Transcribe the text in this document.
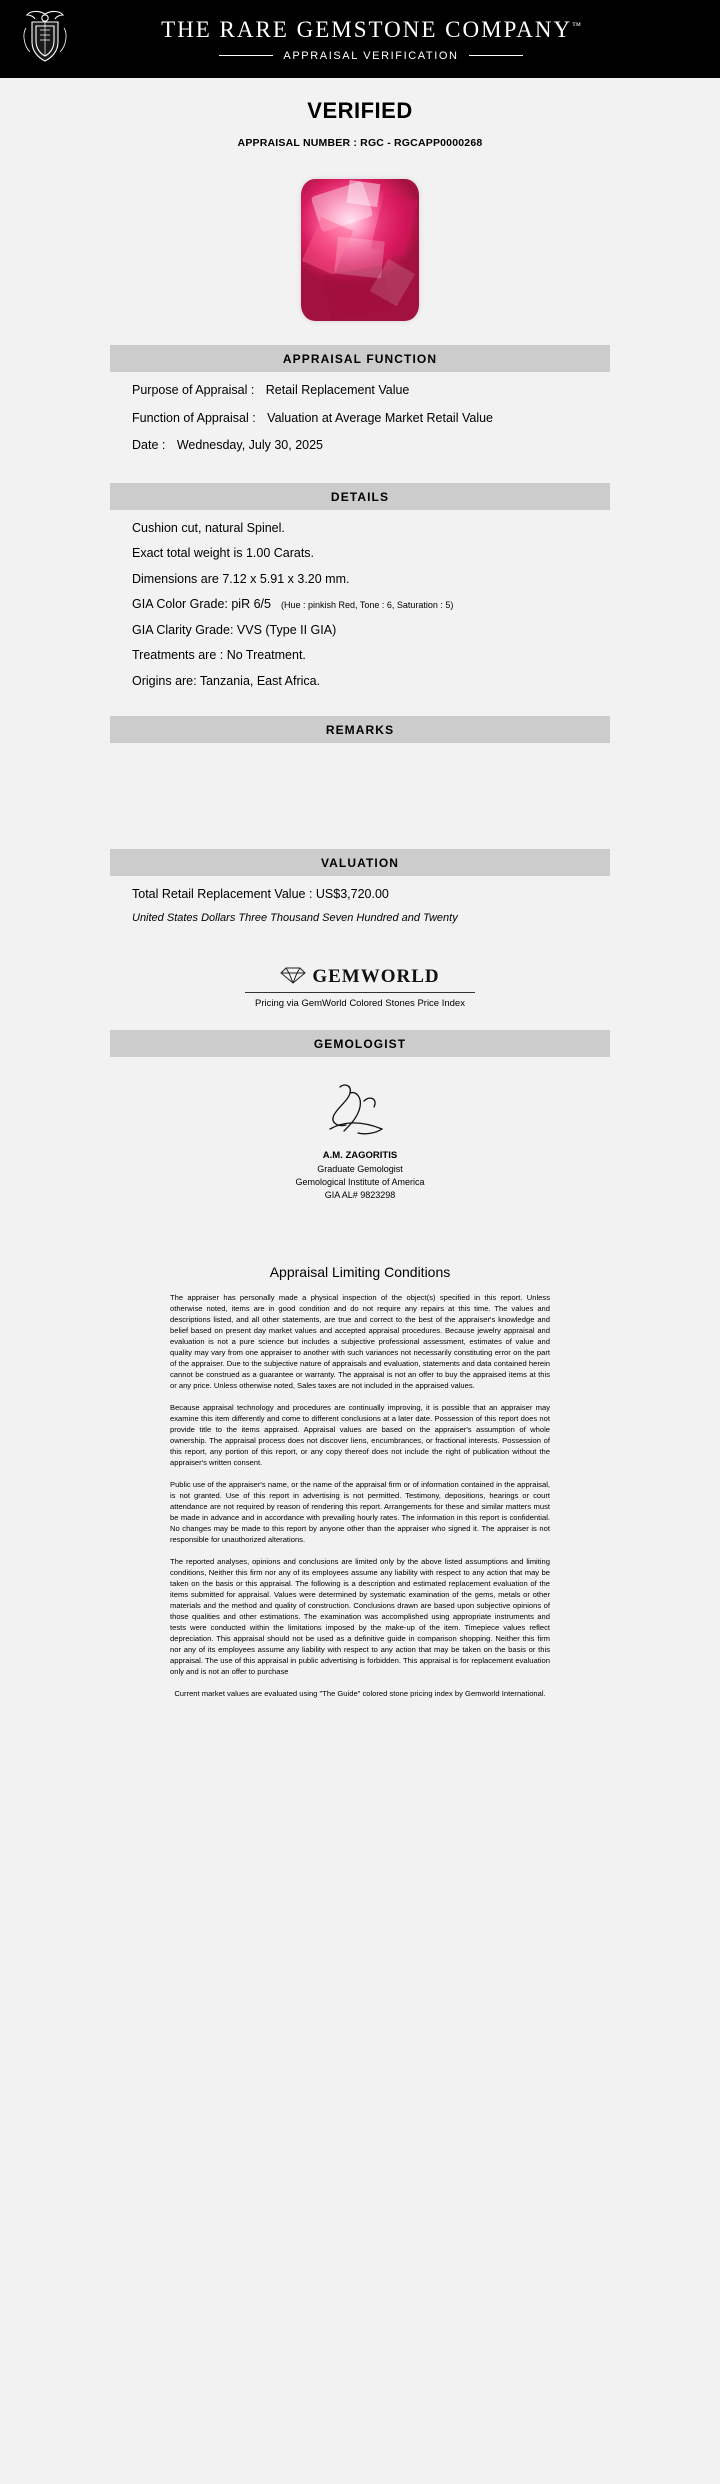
THE RARE GEMSTONE COMPANY™
APPRAISAL VERIFICATION
VERIFIED
APPRAISAL NUMBER : RGC - RGCAPP0000268
APPRAISAL FUNCTION
Purpose of Appraisal : Retail Replacement Value
Function of Appraisal : Valuation at Average Market Retail Value
Date : Wednesday, July 30, 2025
DETAILS
Cushion cut, natural Spinel.
Exact total weight is 1.00 Carats.
Dimensions are 7.12 x 5.91 x 3.20 mm.
GIA Color Grade: piR 6/5 (Hue : pinkish Red, Tone : 6, Saturation : 5)
GIA Clarity Grade: VVS (Type II GIA)
Treatments are : No Treatment.
Origins are: Tanzania, East Africa.
REMARKS
VALUATION
Total Retail Replacement Value : US$3,720.00
United States Dollars Three Thousand Seven Hundred and Twenty
GEMWORLD
Pricing via GemWorld Colored Stones Price Index
GEMOLOGIST
A.M. ZAGORITIS
Graduate Gemologist
Gemological Institute of America
GIA AL# 9823298
Appraisal Limiting Conditions

The appraiser has personally made a physical inspection of the object(s) specified in this report. Unless otherwise noted, items are in good condition and do not require any repairs at this time. The values and descriptions listed, and all other statements, are true and correct to the best of the appraiser's knowledge and belief based on present day market values and accepted appraisal procedures. Because jewelry appraisal and evaluation is not a pure science but includes a subjective professional assessment, estimates of value and quality may vary from one appraiser to another with such variances not necessarily constituting error on the part of the appraiser. Due to the subjective nature of appraisals and evaluation, statements and data contained herein cannot be construed as a guarantee or warranty. The appraisal is not an offer to buy the appraised items at this or any price. Unless otherwise noted, Sales taxes are not included in the appraised values.

Because appraisal technology and procedures are continually improving, it is possible that an appraiser may examine this item differently and come to different conclusions at a later date. Possession of this report does not provide title to the items appraised. Appraisal values are based on the appraiser's assumption of whole ownership. The appraisal process does not discover liens, encumbrances, or fractional interests. Possession of this report, any portion of this report, or any copy thereof does not include the right of publication without the appraiser's written consent.

Public use of the appraiser's name, or the name of the appraisal firm or of information contained in the appraisal, is not granted. Use of this report in advertising is not permitted. Testimony, depositions, hearings or court attendance are not required by reason of rendering this report. Arrangements for these and similar matters must be made in advance and in accordance with prevailing hourly rates. The information in this report is confidential. No changes may be made to this report by anyone other than the appraiser who signed it. The appraiser is not responsible for unauthorized alterations.

The reported analyses, opinions and conclusions are limited only by the above listed assumptions and limiting conditions, Neither this firm nor any of its employees assume any liability with respect to any action that may be taken on the basis or this appraisal. The following is a description and estimated replacement evaluation of the items submitted for appraisal. Values were determined by systematic examination of the gems, metals or other materials and the method and quality of construction. Conclusions drawn are based upon subjective opinions of those qualities and other estimations. The examination was accomplished using appropriate instruments and tests were conducted within the limitations imposed by the make-up of the item. Timepiece values reflect depreciation. This appraisal should not be used as a definitive guide in comparison shopping. Neither this firm nor any of its employees assume any liability with respect to any action that may be taken on the basis or this appraisal. The use of this appraisal in public advertising is forbidden. This appraisal is for replacement evaluation only and is not an offer to purchase

Current market values are evaluated using "The Guide" colored stone pricing index by Gemworld International.
